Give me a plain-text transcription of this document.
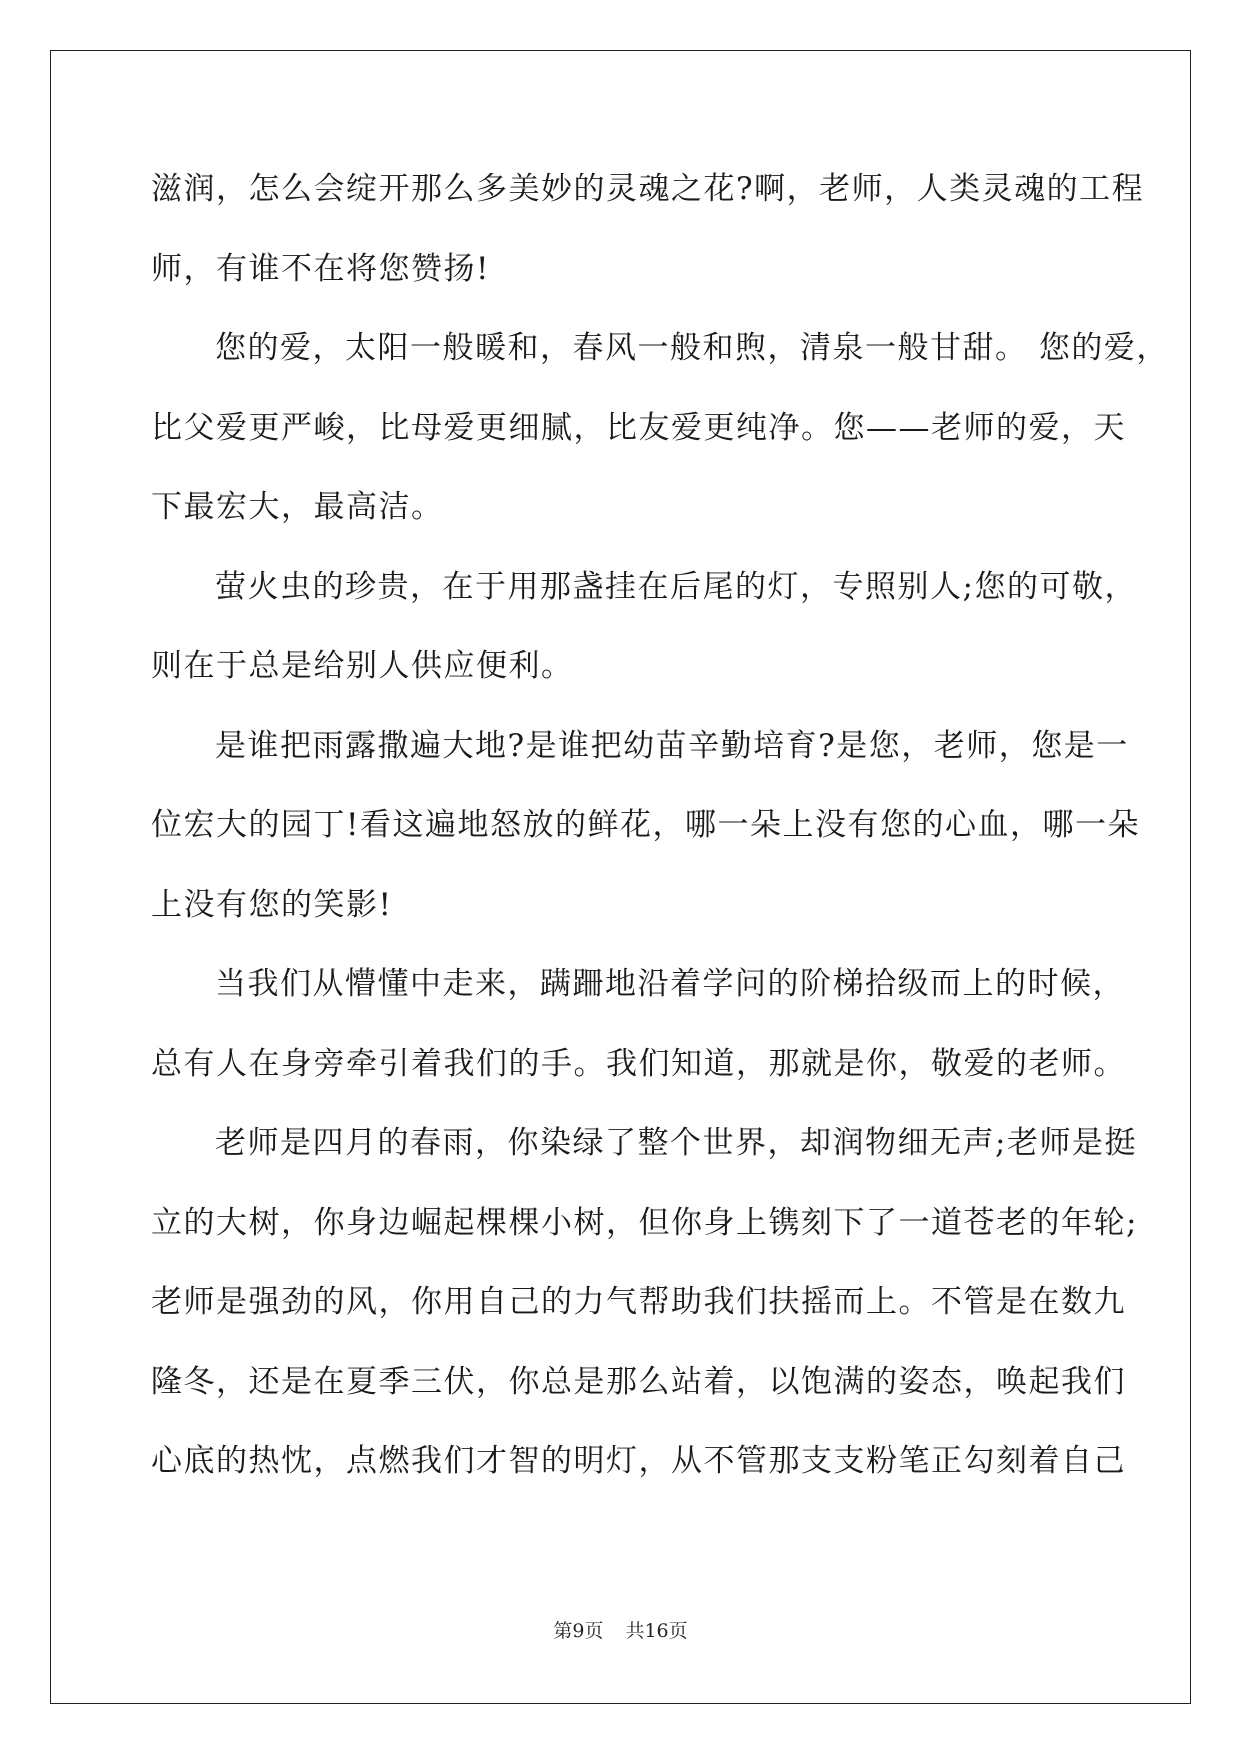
滋润，怎么会绽开那么多美妙的灵魂之花?啊，老师，人类灵魂的工程
师，有谁不在将您赞扬!
您的爱，太阳一般暖和，春风一般和煦，清泉一般甘甜。 您的爱，
比父爱更严峻，比母爱更细腻，比友爱更纯净。您——老师的爱，天
下最宏大，最高洁。
萤火虫的珍贵，在于用那盏挂在后尾的灯，专照别人;您的可敬，
则在于总是给别人供应便利。
是谁把雨露撒遍大地?是谁把幼苗辛勤培育?是您，老师，您是一
位宏大的园丁!看这遍地怒放的鲜花，哪一朵上没有您的心血，哪一朵
上没有您的笑影!
当我们从懵懂中走来，蹒跚地沿着学问的阶梯拾级而上的时候，
总有人在身旁牵引着我们的手。我们知道，那就是你，敬爱的老师。
老师是四月的春雨，你染绿了整个世界，却润物细无声;老师是挺
立的大树，你身边崛起棵棵小树，但你身上镌刻下了一道苍老的年轮;
老师是强劲的风，你用自己的力气帮助我们扶摇而上。不管是在数九
隆冬，还是在夏季三伏，你总是那么站着，以饱满的姿态，唤起我们
心底的热忱，点燃我们才智的明灯，从不管那支支粉笔正勾刻着自己
第9页 共16页
